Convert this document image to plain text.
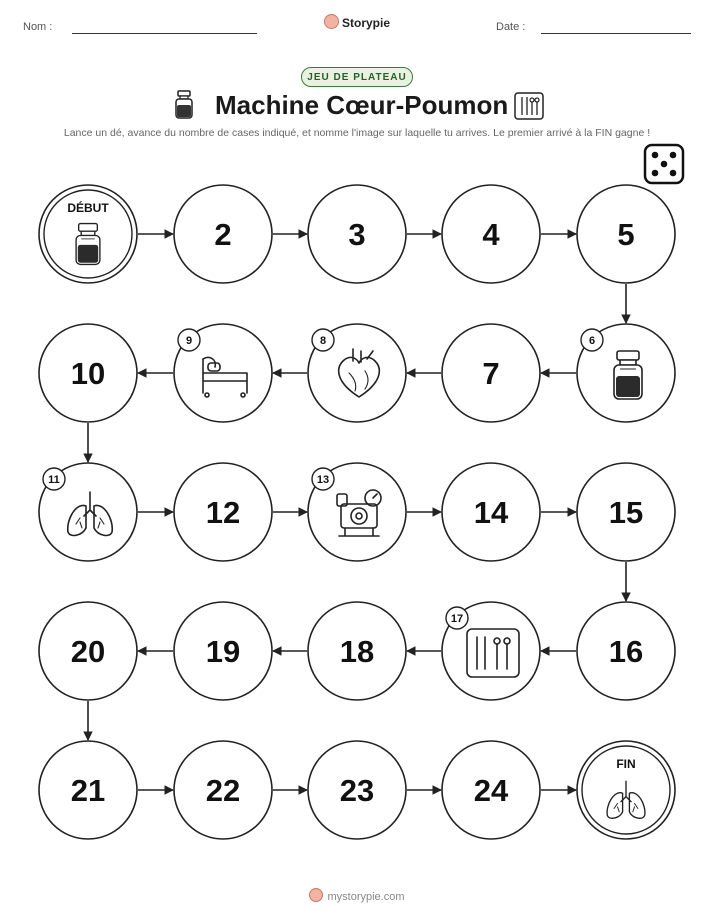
Nom :	Storypie	Date :
JEU DE PLATEAU
Machine Cœur-Poumon
Lance un dé, avance du nombre de cases indiqué, et nomme l'image sur laquelle tu arrives. Le premier arrivé à la FIN gagne !
DÉBUT
2	3	4	5
6
7
8
9
10
11
12
13
14	15
16
17
18
19
20
21	22	23	24
FIN
mystorypie.com
